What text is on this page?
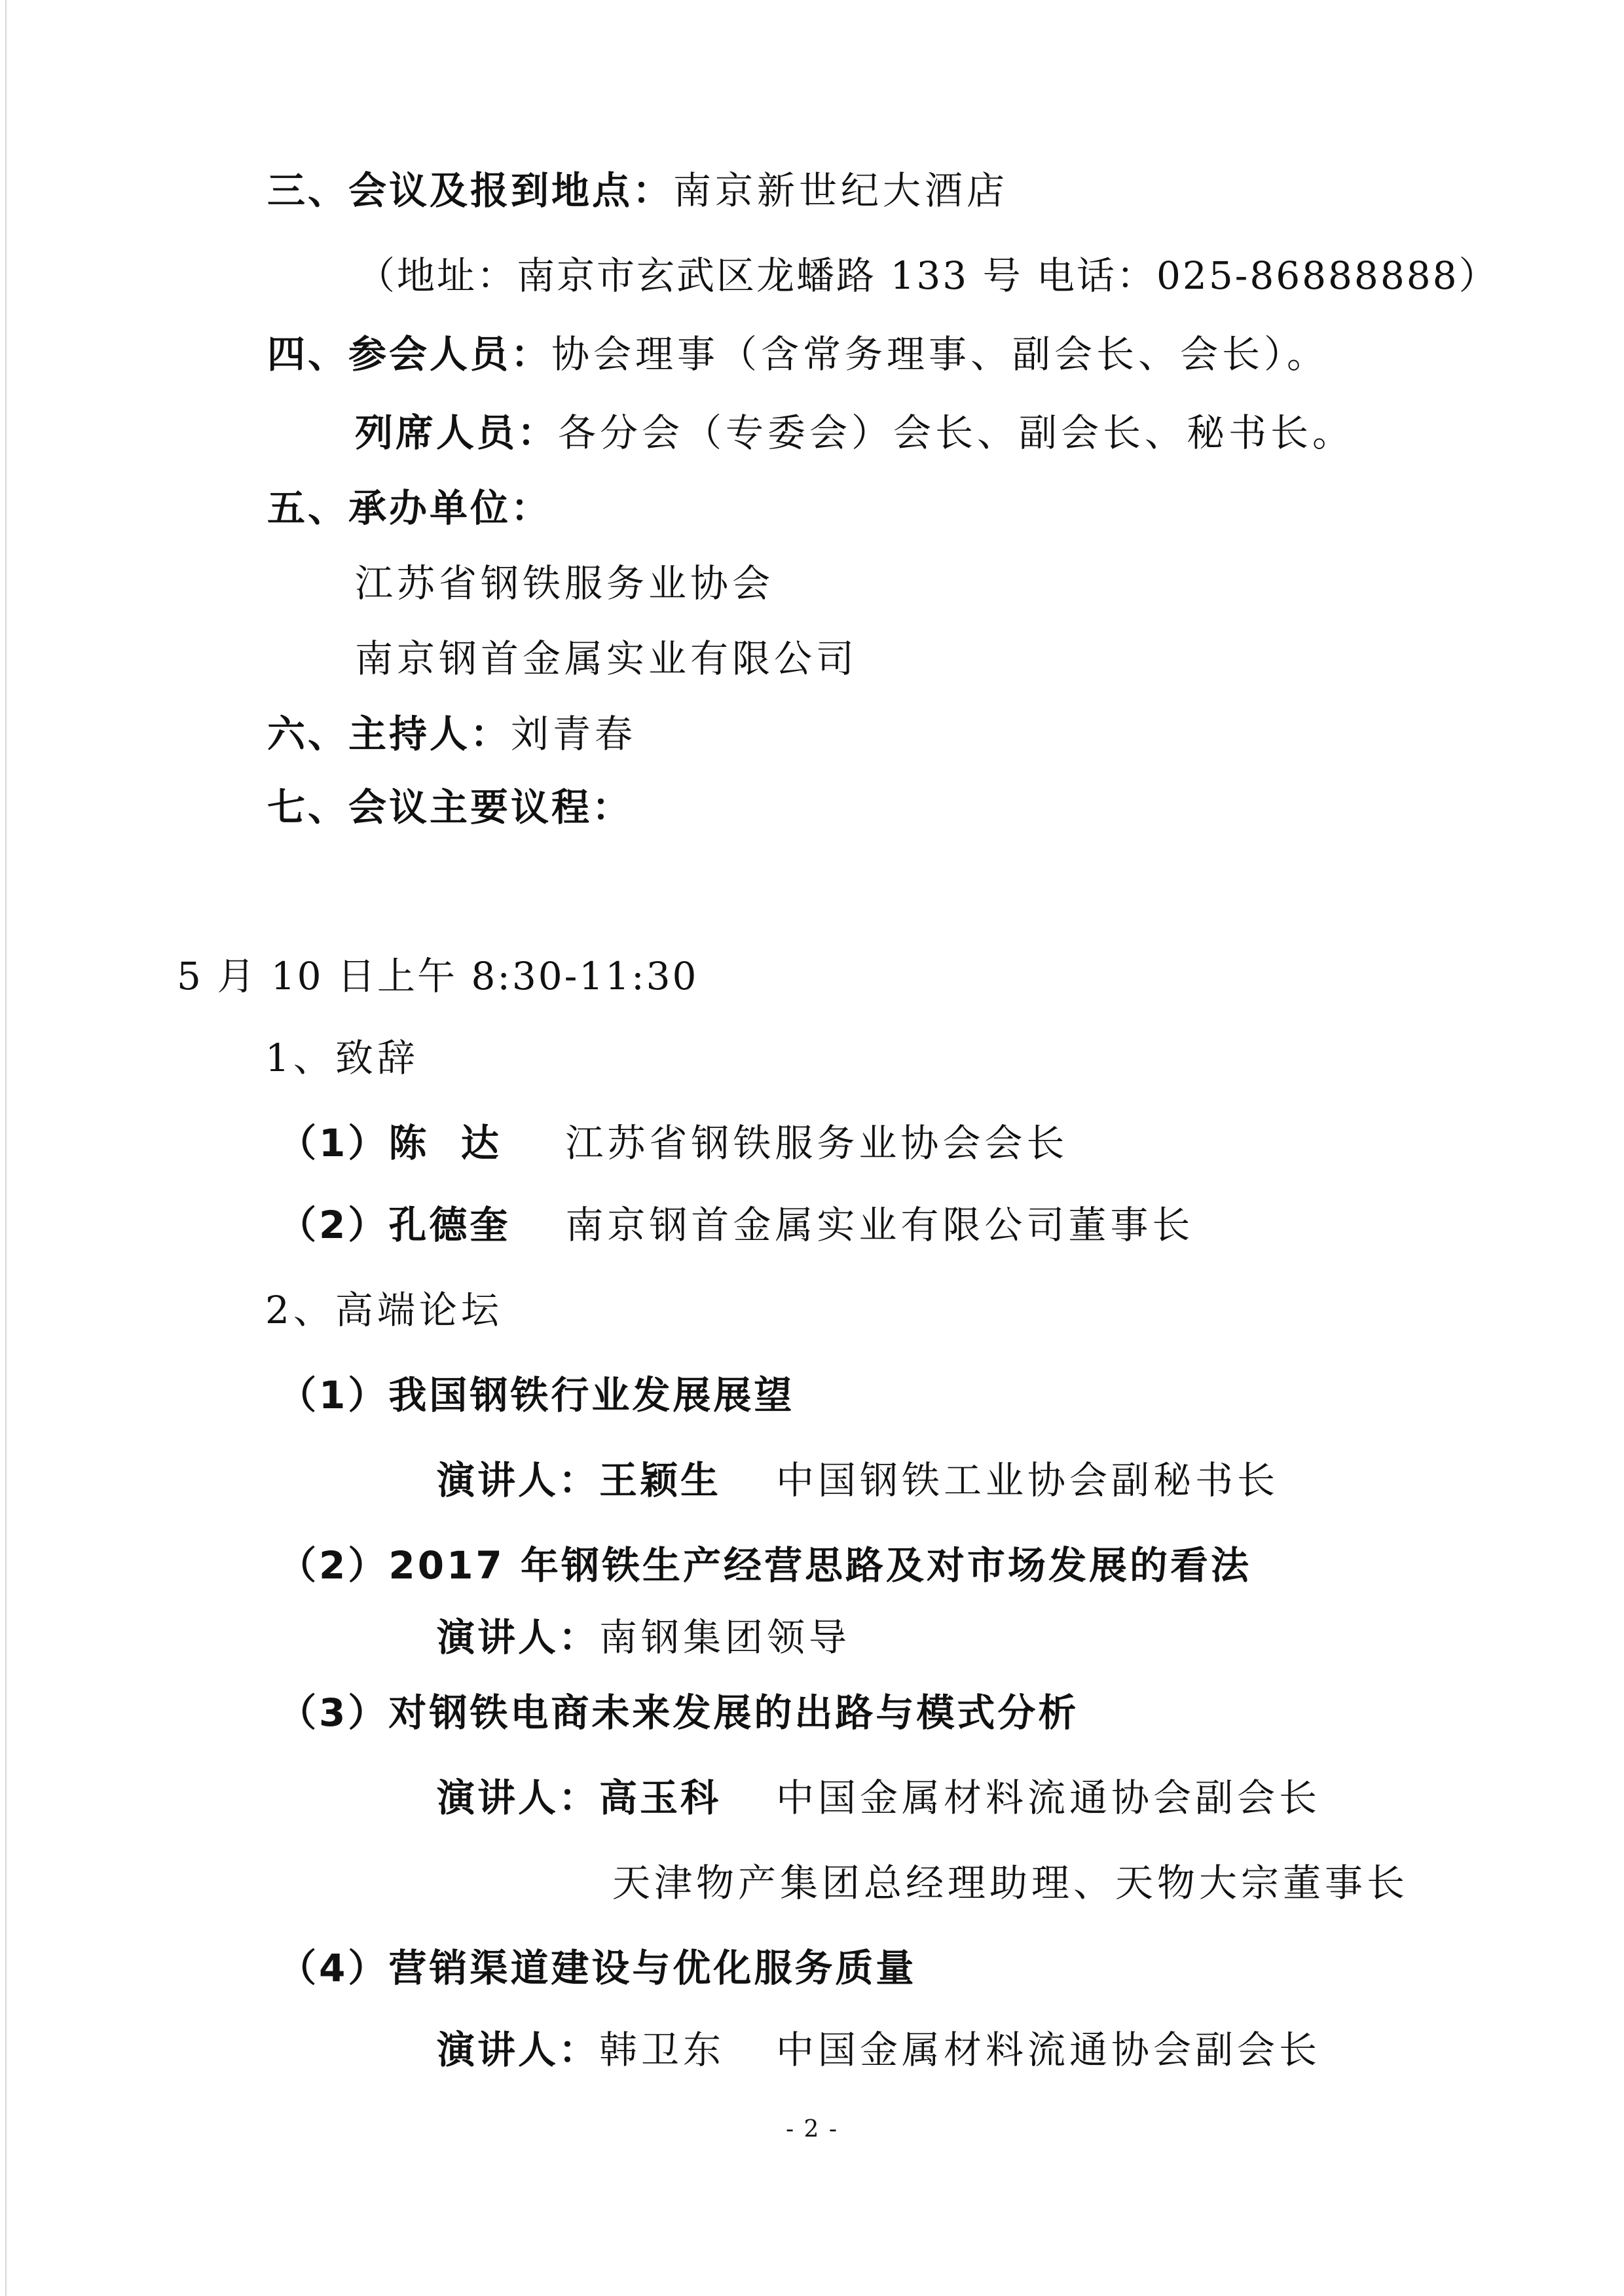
三、会议及报到地点：南京新世纪大酒店
（地址：南京市玄武区龙蟠路 133 号 电话：025-86888888）
四、参会人员：协会理事（含常务理事、副会长、会长）。
列席人员：各分会（专委会）会长、副会长、秘书长。
五、承办单位：
江苏省钢铁服务业协会
南京钢首金属实业有限公司
六、主持人：刘青春
七、会议主要议程：
5 月 10 日上午 8:30-11:30
1、致辞
（1）陈  达 江苏省钢铁服务业协会会长
（2）孔德奎 南京钢首金属实业有限公司董事长
2、高端论坛
（1）我国钢铁行业发展展望
演讲人：王颖生 中国钢铁工业协会副秘书长
（2）2017 年钢铁生产经营思路及对市场发展的看法
演讲人：南钢集团领导
（3）对钢铁电商未来发展的出路与模式分析
演讲人：高玉科 中国金属材料流通协会副会长
天津物产集团总经理助理、天物大宗董事长
（4）营销渠道建设与优化服务质量
演讲人：韩卫东 中国金属材料流通协会副会长
- 2 -
